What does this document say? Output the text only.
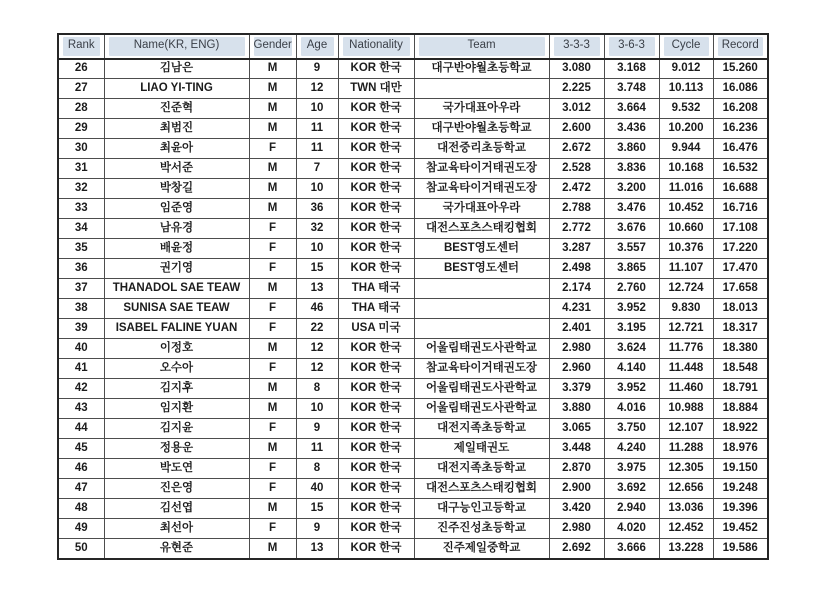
Rank	Name(KR, ENG)	Gender	Age	Nationality	Team	3-3-3	3-6-3	Cycle	Record

26	김남은	M	9	KOR 한국	대구반야월초등학교	3.080	3.168	9.012	15.260
27	LIAO YI-TING	M	12	TWN 대만		2.225	3.748	10.113	16.086
28	진준혁	M	10	KOR 한국	국가대표아우라	3.012	3.664	9.532	16.208
29	최범진	M	11	KOR 한국	대구반야월초등학교	2.600	3.436	10.200	16.236
30	최윤아	F	11	KOR 한국	대전중리초등학교	2.672	3.860	9.944	16.476
31	박서준	M	7	KOR 한국	참교육타이거태권도장	2.528	3.836	10.168	16.532
32	박창길	M	10	KOR 한국	참교육타이거태권도장	2.472	3.200	11.016	16.688
33	임준영	M	36	KOR 한국	국가대표아우라	2.788	3.476	10.452	16.716
34	남유경	F	32	KOR 한국	대전스포츠스태킹협회	2.772	3.676	10.660	17.108
35	배윤정	F	10	KOR 한국	BEST영도센터	3.287	3.557	10.376	17.220
36	권기영	F	15	KOR 한국	BEST영도센터	2.498	3.865	11.107	17.470
37	THANADOL SAE TEAW	M	13	THA 태국		2.174	2.760	12.724	17.658
38	SUNISA SAE TEAW	F	46	THA 태국		4.231	3.952	9.830	18.013
39	ISABEL FALINE YUAN	F	22	USA 미국		2.401	3.195	12.721	18.317
40	이정호	M	12	KOR 한국	어울림태권도사관학교	2.980	3.624	11.776	18.380
41	오수아	F	12	KOR 한국	참교육타이거태권도장	2.960	4.140	11.448	18.548
42	김지후	M	8	KOR 한국	어울림태권도사관학교	3.379	3.952	11.460	18.791
43	임지환	M	10	KOR 한국	어울림태권도사관학교	3.880	4.016	10.988	18.884
44	김지윤	F	9	KOR 한국	대전지족초등학교	3.065	3.750	12.107	18.922
45	정용운	M	11	KOR 한국	제일태권도	3.448	4.240	11.288	18.976
46	박도연	F	8	KOR 한국	대전지족초등학교	2.870	3.975	12.305	19.150
47	진은영	F	40	KOR 한국	대전스포츠스태킹협회	2.900	3.692	12.656	19.248
48	김선엽	M	15	KOR 한국	대구능인고등학교	3.420	2.940	13.036	19.396
49	최선아	F	9	KOR 한국	진주진성초등학교	2.980	4.020	12.452	19.452
50	유현준	M	13	KOR 한국	진주제일중학교	2.692	3.666	13.228	19.586
